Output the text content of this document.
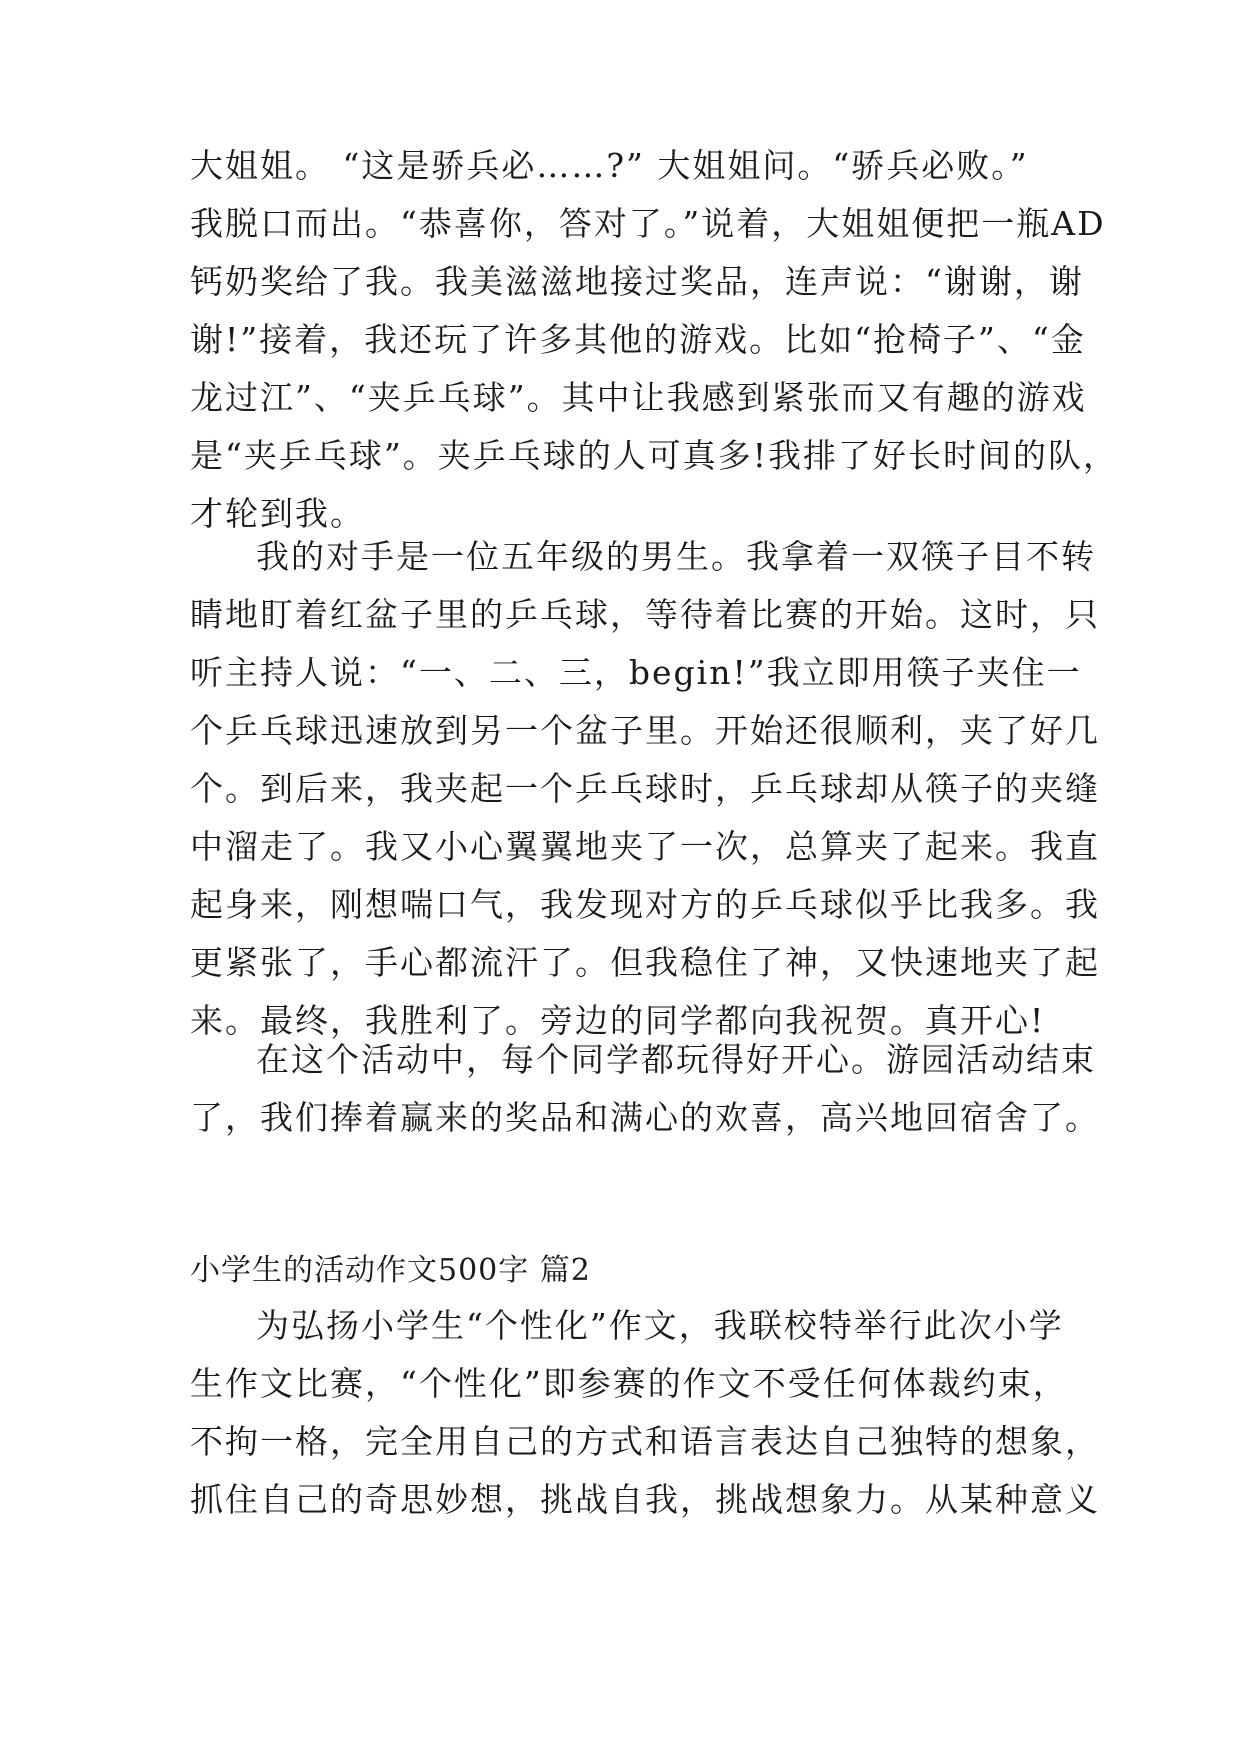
大姐姐。 “这是骄兵必……?” 大姐姐问。“骄兵必败。”
我脱口而出。“恭喜你，答对了。”说着，大姐姐便把一瓶AD
钙奶奖给了我。我美滋滋地接过奖品，连声说：“谢谢，谢
谢!”接着，我还玩了许多其他的游戏。比如“抢椅子”、“金
龙过江”、“夹乒乓球”。其中让我感到紧张而又有趣的游戏
是“夹乒乓球”。夹乒乓球的人可真多!我排了好长时间的队，
才轮到我。
我的对手是一位五年级的男生。我拿着一双筷子目不转
睛地盯着红盆子里的乒乓球，等待着比赛的开始。这时，只
听主持人说：“一、二、三，begin!”我立即用筷子夹住一
个乒乓球迅速放到另一个盆子里。开始还很顺利，夹了好几
个。到后来，我夹起一个乒乓球时，乒乓球却从筷子的夹缝
中溜走了。我又小心翼翼地夹了一次，总算夹了起来。我直
起身来，刚想喘口气，我发现对方的乒乓球似乎比我多。我
更紧张了，手心都流汗了。但我稳住了神，又快速地夹了起
来。最终，我胜利了。旁边的同学都向我祝贺。真开心!
在这个活动中，每个同学都玩得好开心。游园活动结束
了，我们捧着赢来的奖品和满心的欢喜，高兴地回宿舍了。
小学生的活动作文500字 篇2
为弘扬小学生“个性化”作文，我联校特举行此次小学
生作文比赛，“个性化”即参赛的作文不受任何体裁约束，
不拘一格，完全用自己的方式和语言表达自己独特的想象，
抓住自己的奇思妙想，挑战自我，挑战想象力。从某种意义
